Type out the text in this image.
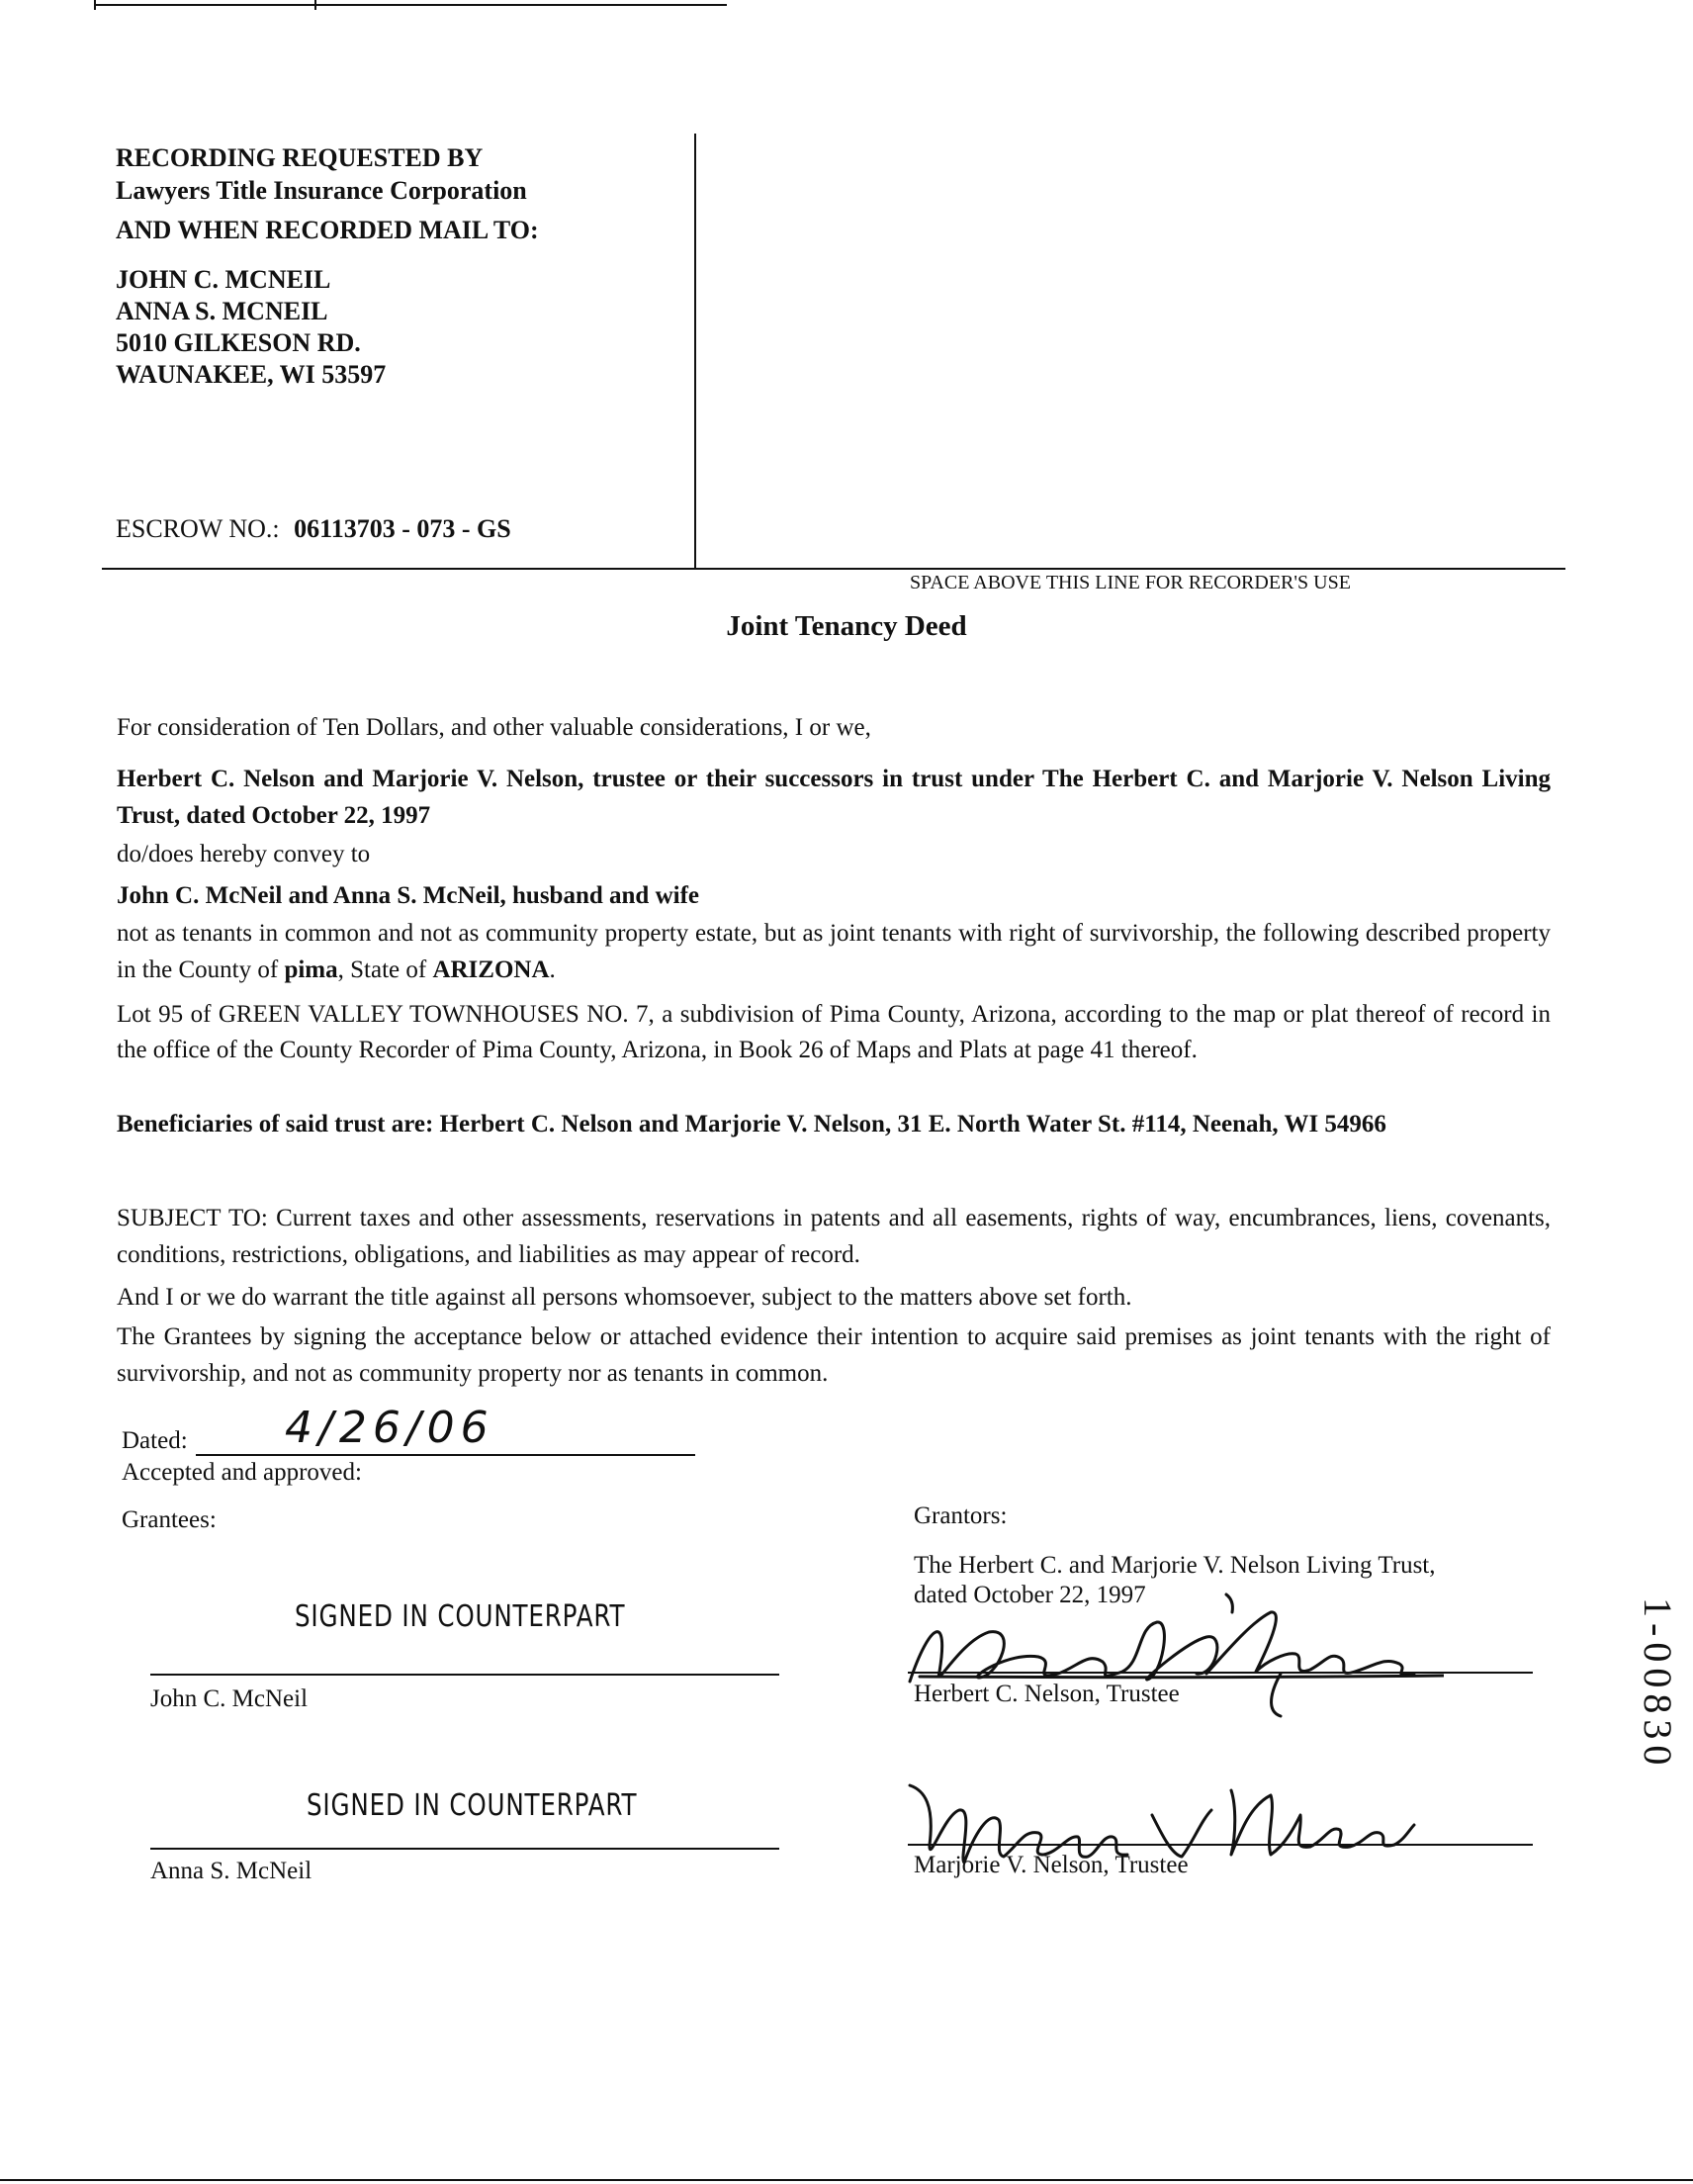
RECORDING REQUESTED BY
Lawyers Title Insurance Corporation
AND WHEN RECORDED MAIL TO:
JOHN C. MCNEIL
ANNA S. MCNEIL
5010 GILKESON RD.
WAUNAKEE, WI 53597
ESCROW NO.: 06113703 - 073 - GS
SPACE ABOVE THIS LINE FOR RECORDER'S USE
Joint Tenancy Deed

For consideration of Ten Dollars, and other valuable considerations, I or we,

Herbert C. Nelson and Marjorie V. Nelson, trustee or their successors in trust under The Herbert C. and Marjorie V. Nelson Living Trust, dated October 22, 1997

do/does hereby convey to

John C. McNeil and Anna S. McNeil, husband and wife

not as tenants in common and not as community property estate, but as joint tenants with right of survivorship, the following described property in the County of pima, State of ARIZONA.

Lot 95 of GREEN VALLEY TOWNHOUSES NO. 7, a subdivision of Pima County, Arizona, according to the map or plat thereof of record in the office of the County Recorder of Pima County, Arizona, in Book 26 of Maps and Plats at page 41 thereof.

Beneficiaries of said trust are: Herbert C. Nelson and Marjorie V. Nelson, 31 E. North Water St. #114, Neenah, WI 54966

SUBJECT TO: Current taxes and other assessments, reservations in patents and all easements, rights of way, encumbrances, liens, covenants, conditions, restrictions, obligations, and liabilities as may appear of record.

And I or we do warrant the title against all persons whomsoever, subject to the matters above set forth.

The Grantees by signing the acceptance below or attached evidence their intention to acquire said premises as joint tenants with the right of survivorship, and not as community property nor as tenants in common.

Dated: 4/26/06
Accepted and approved:
Grantees:
SIGNED IN COUNTERPART
John C. McNeil
SIGNED IN COUNTERPART
Anna S. McNeil
Grantors:
The Herbert C. and Marjorie V. Nelson Living Trust,
dated October 22, 1997
Herbert C. Nelson, Trustee
Marjorie V. Nelson, Trustee
1-00830
